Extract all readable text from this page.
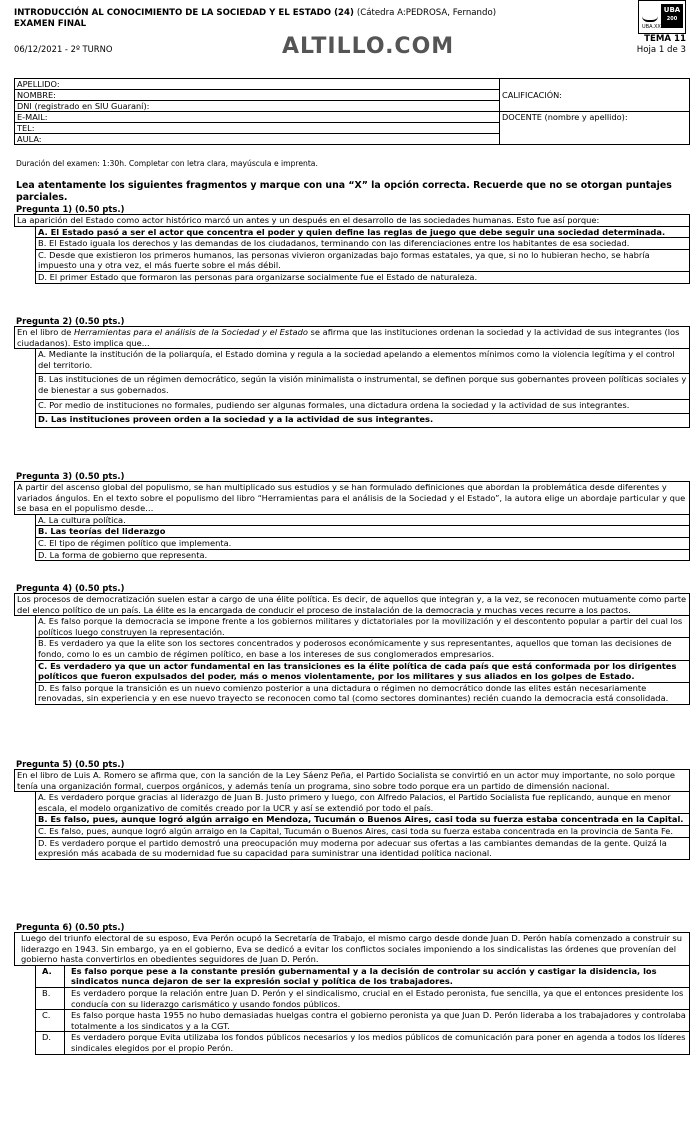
INTRODUCCIÓN AL CONOCIMIENTO DE LA SOCIEDAD Y EL ESTADO (24) (Cátedra A:PEDROSA, Fernando)
EXAMEN FINAL
06/12/2021 - 2º TURNO	ALTILLO.COM
UBA
200
UBA.XXI
TEMA 11
Hoja 1 de 3
APELLIDO:	CALIFICACIÓN:
NOMBRE:	
DNI (registrado en SIU Guaraní):	
E-MAIL:	DOCENTE (nombre y apellido):
TEL:	
AULA:	
Duración del examen: 1:30h. Completar con letra clara, mayúscula e imprenta.
Lea atentamente los siguientes fragmentos y marque con una “X” la opción correcta. Recuerde que no se otorgan puntajes parciales.
Pregunta 1) (0.50 pts.)
La aparición del Estado como actor histórico marcó un antes y un después en el desarrollo de las sociedades humanas. Esto fue así porque:
A. El Estado pasó a ser el actor que concentra el poder y quien define las reglas de juego que debe seguir una sociedad determinada.
B. El Estado iguala los derechos y las demandas de los ciudadanos, terminando con las diferenciaciones entre los habitantes de esa sociedad.
C. Desde que existieron los primeros humanos, las personas vivieron organizadas bajo formas estatales, ya que, si no lo hubieran hecho, se habría impuesto una y otra vez, el más fuerte sobre el más débil.
D. El primer Estado que formaron las personas para organizarse socialmente fue el Estado de naturaleza.
Pregunta 2) (0.50 pts.)
En el libro de Herramientas para el análisis de la Sociedad y el Estado se afirma que las instituciones ordenan la sociedad y la actividad de sus integrantes (los ciudadanos). Esto implica que...
A. Mediante la institución de la poliarquía, el Estado domina y regula a la sociedad apelando a elementos mínimos como la violencia legítima y el control del territorio.
B. Las instituciones de un régimen democrático, según la visión minimalista o instrumental, se definen porque sus gobernantes proveen políticas sociales y de bienestar a sus gobernados.
C. Por medio de instituciones no formales, pudiendo ser algunas formales, una dictadura ordena la sociedad y la actividad de sus integrantes.
D. Las instituciones proveen orden a la sociedad y a la actividad de sus integrantes.
Pregunta 3) (0.50 pts.)
A partir del ascenso global del populismo, se han multiplicado sus estudios y se han formulado definiciones que abordan la problemática desde diferentes y variados ángulos. En el texto sobre el populismo del libro “Herramientas para el análisis de la Sociedad y el Estado”, la autora elige un abordaje particular y que se basa en el populismo desde…
A. La cultura política.
B. Las teorías del liderazgo
C. El tipo de régimen político que implementa.
D. La forma de gobierno que representa.
Pregunta 4) (0.50 pts.)
Los procesos de democratización suelen estar a cargo de una élite política. Es decir, de aquellos que integran y, a la vez, se reconocen mutuamente como parte del elenco político de un país. La élite es la encargada de conducir el proceso de instalación de la democracia y muchas veces recurre a los pactos.
A. Es falso porque la democracia se impone frente a los gobiernos militares y dictatoriales por la movilización y el descontento popular a partir del cual los políticos luego construyen la representación.
B. Es verdadero ya que la elite son los sectores concentrados y poderosos económicamente y sus representantes, aquellos que toman las decisiones de fondo, como lo es un cambio de régimen político, en base a los intereses de sus conglomerados empresarios.
C. Es verdadero ya que un actor fundamental en las transiciones es la élite política de cada país que está conformada por los dirigentes políticos que fueron expulsados del poder, más o menos violentamente, por los militares y sus aliados en los golpes de Estado.
D. Es falso porque la transición es un nuevo comienzo posterior a una dictadura o régimen no democrático donde las elites están necesariamente renovadas, sin experiencia y en ese nuevo trayecto se reconocen como tal (como sectores dominantes) recién cuando la democracia está consolidada.
Pregunta 5) (0.50 pts.)
En el libro de Luis A. Romero se afirma que, con la sanción de la Ley Sáenz Peña, el Partido Socialista se convirtió en un actor muy importante, no solo porque tenía una organización formal, cuerpos orgánicos, y además tenía un programa, sino sobre todo porque era un partido de dimensión nacional.
A. Es verdadero porque gracias al liderazgo de Juan B. Justo primero y luego, con Alfredo Palacios, el Partido Socialista fue replicando, aunque en menor escala, el modelo organizativo de comités creado por la UCR y así se extendió por todo el país.
B. Es falso, pues, aunque logró algún arraigo en Mendoza, Tucumán o Buenos Aires, casi toda su fuerza estaba concentrada en la Capital.
C. Es falso, pues, aunque logró algún arraigo en la Capital, Tucumán o Buenos Aires, casi toda su fuerza estaba concentrada en la provincia de Santa Fe.
D. Es verdadero porque el partido demostró una preocupación muy moderna por adecuar sus ofertas a las cambiantes demandas de la gente. Quizá la expresión más acabada de su modernidad fue su capacidad para suministrar una identidad política nacional.
Pregunta 6) (0.50 pts.)
Luego del triunfo electoral de su esposo, Eva Perón ocupó la Secretaría de Trabajo, el mismo cargo desde donde Juan D. Perón había comenzado a construir su liderazgo en 1943. Sin embargo, ya en el gobierno, Eva se dedicó a evitar los conflictos sociales imponiendo a los sindicalistas las órdenes que provenían del gobierno hasta convertirlos en obedientes seguidores de Juan D. Perón.
A.	Es falso porque pese a la constante presión gubernamental y a la decisión de controlar su acción y castigar la disidencia, los sindicatos nunca dejaron de ser la expresión social y política de los trabajadores.
B.	Es verdadero porque la relación entre Juan D. Perón y el sindicalismo, crucial en el Estado peronista, fue sencilla, ya que el entonces presidente los conducía con su liderazgo carismático y usando fondos públicos.
C.	Es falso porque hasta 1955 no hubo demasiadas huelgas contra el gobierno peronista ya que Juan D. Perón lideraba a los trabajadores y controlaba totalmente a los sindicatos y a la CGT.
D.	Es verdadero porque Evita utilizaba los fondos públicos necesarios y los medios públicos de comunicación para poner en agenda a todos los líderes sindicales elegidos por el propio Perón.
